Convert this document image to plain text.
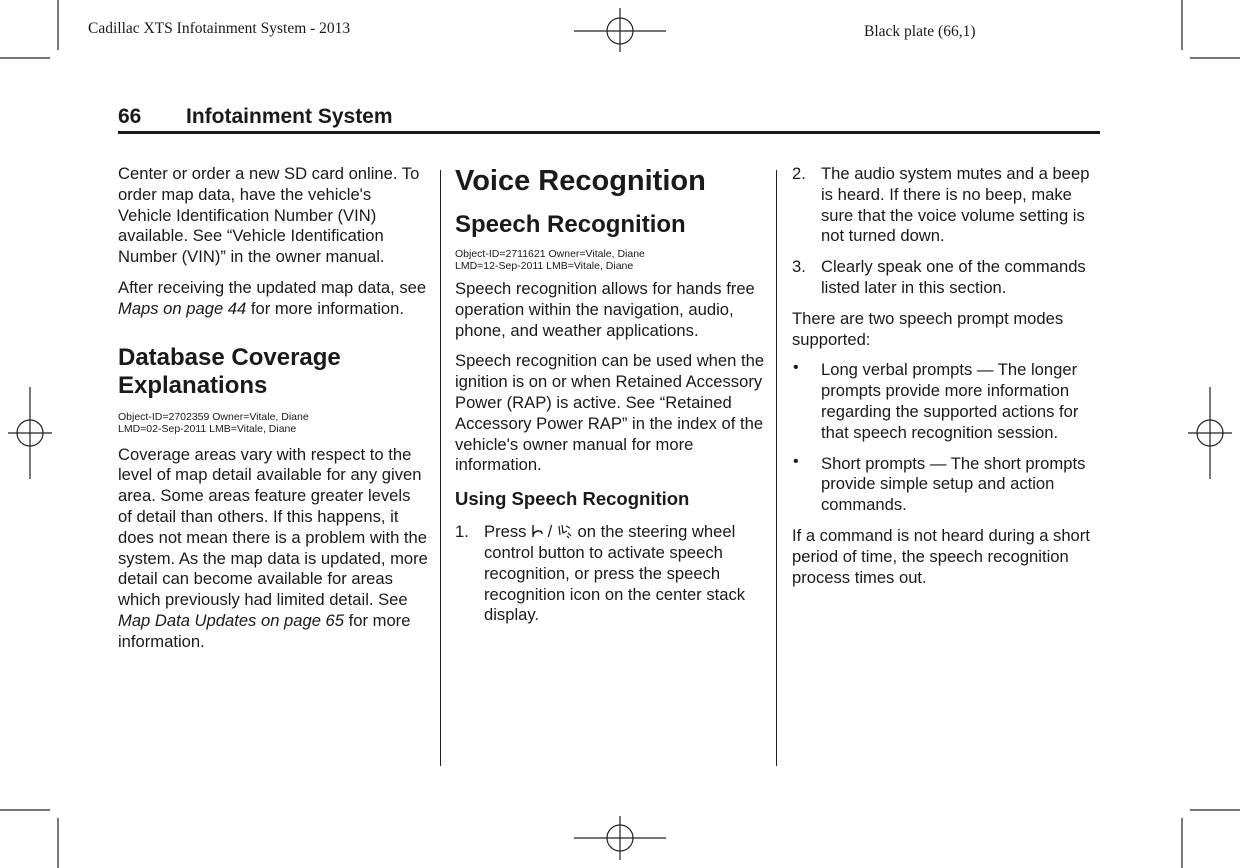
Cadillac XTS Infotainment System - 2013	Black plate (66,1)
66 Infotainment System

Center or order a new SD card online. To order map data, have the vehicle's Vehicle Identification Number (VIN) available. See “Vehicle Identification Number (VIN)” in the owner manual.

After receiving the updated map data, see Maps on page 44 for more information.

Database Coverage Explanations

Object-ID=2702359 Owner=Vitale, Diane

LMD=02-Sep-2011 LMB=Vitale, Diane

Coverage areas vary with respect to the level of map detail available for any given area. Some areas feature greater levels of detail than others. If this happens, it does not mean there is a problem with the system. As the map data is updated, more detail can become available for areas which previously had limited detail. See Map Data Updates on page 65 for more information.

Voice Recognition
Speech Recognition

Object-ID=2711621 Owner=Vitale, Diane

LMD=12-Sep-2011 LMB=Vitale, Diane

Speech recognition allows for hands free operation within the navigation, audio, phone, and weather applications.

Speech recognition can be used when the ignition is on or when Retained Accessory Power (RAP) is active. See “Retained Accessory Power RAP” in the index of the vehicle's owner manual for more information.

Using Speech Recognition

1. Press / on the steering wheel control button to activate speech recognition, or press the speech recognition icon on the center stack display.

2. The audio system mutes and a beep is heard. If there is no beep, make sure that the voice volume setting is not turned down.

3. Clearly speak one of the commands listed later in this section.

There are two speech prompt modes supported:

• Long verbal prompts — The longer prompts provide more information regarding the supported actions for that speech recognition session.

• Short prompts — The short prompts provide simple setup and action commands.

If a command is not heard during a short period of time, the speech recognition process times out.
